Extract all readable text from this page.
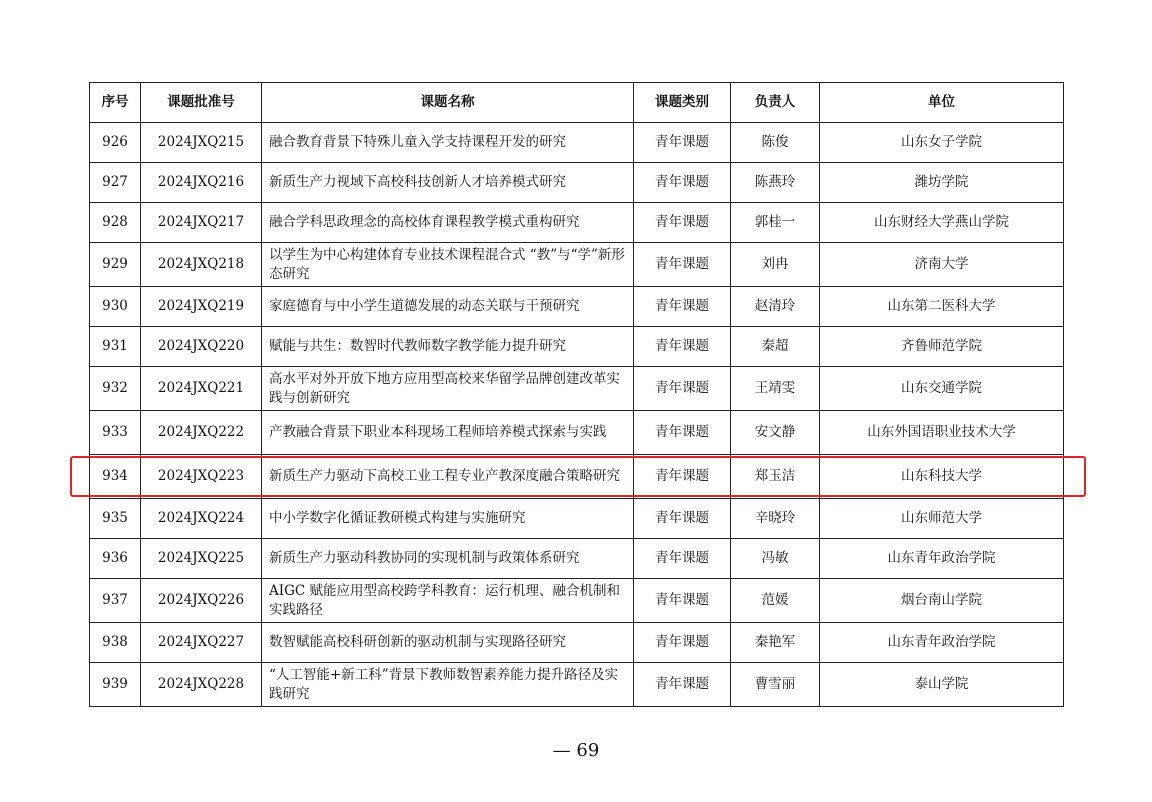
序号	课题批准号	课题名称	课题类别	负责人	单位
926	2024JXQ215	融合教育背景下特殊儿童入学支持课程开发的研究	青年课题	陈俊	山东女子学院
927	2024JXQ216	新质生产力视域下高校科技创新人才培养模式研究	青年课题	陈燕玲	潍坊学院
928	2024JXQ217	融合学科思政理念的高校体育课程教学模式重构研究	青年课题	郭桂一	山东财经大学燕山学院
929	2024JXQ218	以学生为中心构建体育专业技术课程混合式 “教”与“学”新形态研究	青年课题	刘冉	济南大学
930	2024JXQ219	家庭德育与中小学生道德发展的动态关联与干预研究	青年课题	赵清玲	山东第二医科大学
931	2024JXQ220	赋能与共生：数智时代教师数字教学能力提升研究	青年课题	秦超	齐鲁师范学院
932	2024JXQ221	高水平对外开放下地方应用型高校来华留学品牌创建改革实践与创新研究	青年课题	王靖雯	山东交通学院
933	2024JXQ222	产教融合背景下职业本科现场工程师培养模式探索与实践	青年课题	安文静	山东外国语职业技术大学
934	2024JXQ223	新质生产力驱动下高校工业工程专业产教深度融合策略研究	青年课题	郑玉洁	山东科技大学
935	2024JXQ224	中小学数字化循证教研模式构建与实施研究	青年课题	辛晓玲	山东师范大学
936	2024JXQ225	新质生产力驱动科教协同的实现机制与政策体系研究	青年课题	冯敏	山东青年政治学院
937	2024JXQ226	AIGC 赋能应用型高校跨学科教育：运行机理、融合机制和实践路径	青年课题	范媛	烟台南山学院
938	2024JXQ227	数智赋能高校科研创新的驱动机制与实现路径研究	青年课题	秦艳军	山东青年政治学院
939	2024JXQ228	“人工智能+新工科”背景下教师数智素养能力提升路径及实践研究	青年课题	曹雪丽	泰山学院
— 69
